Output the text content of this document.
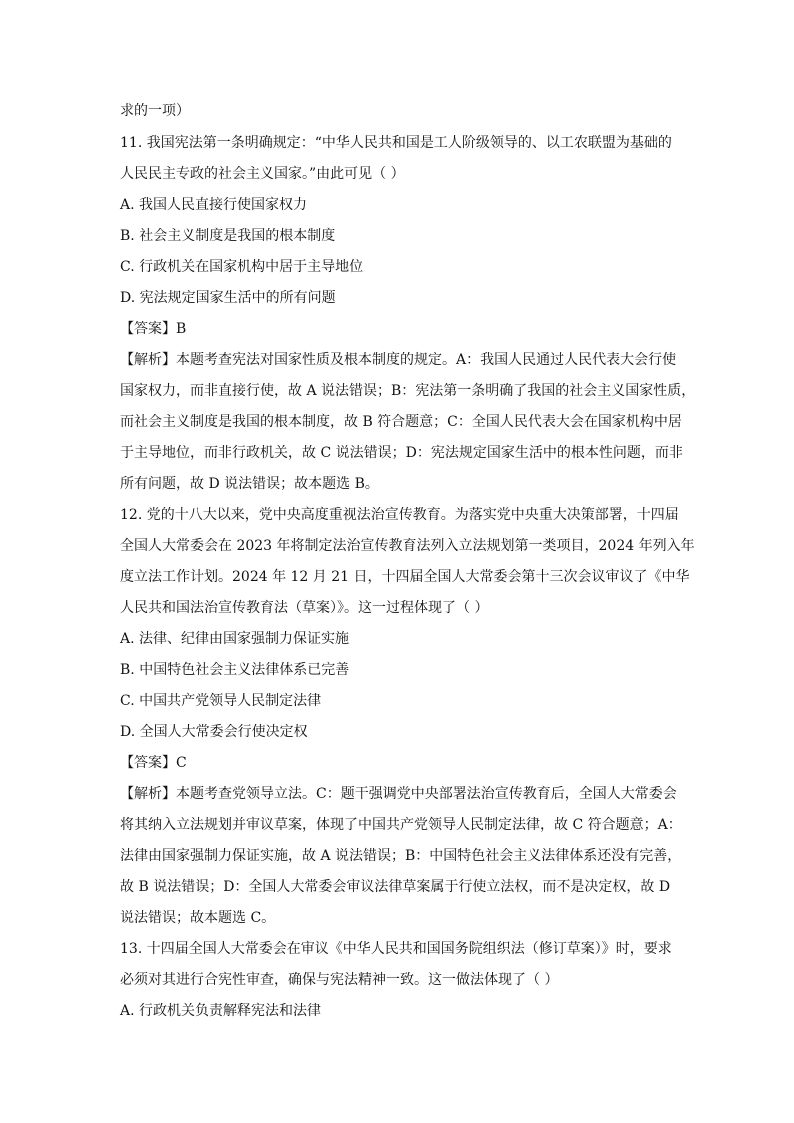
求的一项）
11. 我国宪法第一条明确规定：“中华人民共和国是工人阶级领导的、以工农联盟为基础的
人民民主专政的社会主义国家。”由此可见（ ）
A. 我国人民直接行使国家权力
B. 社会主义制度是我国的根本制度
C. 行政机关在国家机构中居于主导地位
D. 宪法规定国家生活中的所有问题
【答案】B
【解析】本题考查宪法对国家性质及根本制度的规定。A：我国人民通过人民代表大会行使
国家权力，而非直接行使，故 A 说法错误；B：宪法第一条明确了我国的社会主义国家性质，
而社会主义制度是我国的根本制度，故 B 符合题意；C：全国人民代表大会在国家机构中居
于主导地位，而非行政机关，故 C 说法错误；D：宪法规定国家生活中的根本性问题，而非
所有问题，故 D 说法错误；故本题选 B。
12. 党的十八大以来，党中央高度重视法治宣传教育。为落实党中央重大决策部署，十四届
全国人大常委会在 2023 年将制定法治宣传教育法列入立法规划第一类项目，2024 年列入年
度立法工作计划。2024 年 12 月 21 日，十四届全国人大常委会第十三次会议审议了《中华
人民共和国法治宣传教育法（草案）》。这一过程体现了（ ）
A. 法律、纪律由国家强制力保证实施
B. 中国特色社会主义法律体系已完善
C. 中国共产党领导人民制定法律
D. 全国人大常委会行使决定权
【答案】C
【解析】本题考查党领导立法。C：题干强调党中央部署法治宣传教育后，全国人大常委会
将其纳入立法规划并审议草案，体现了中国共产党领导人民制定法律，故 C 符合题意；A：
法律由国家强制力保证实施，故 A 说法错误；B：中国特色社会主义法律体系还没有完善，
故 B 说法错误；D：全国人大常委会审议法律草案属于行使立法权，而不是决定权，故 D
说法错误；故本题选 C。
13. 十四届全国人大常委会在审议《中华人民共和国国务院组织法（修订草案）》时，要求
必须对其进行合宪性审查，确保与宪法精神一致。这一做法体现了（ ）
A. 行政机关负责解释宪法和法律
